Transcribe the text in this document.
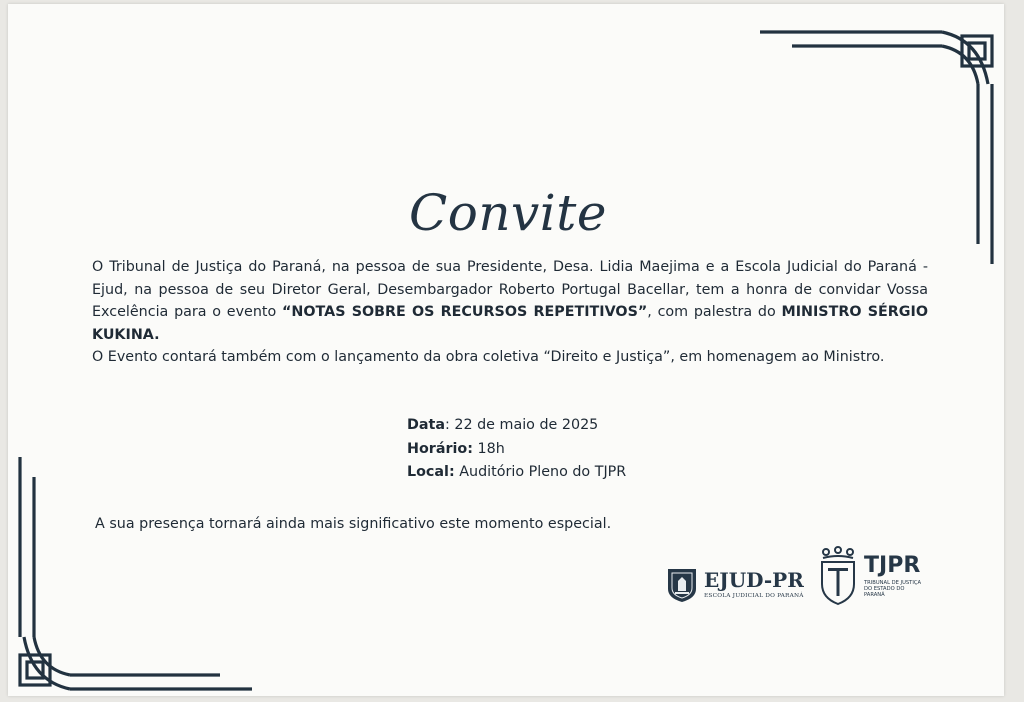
Convite

O Tribunal de Justiça do Paraná, na pessoa de sua Presidente, Desa. Lidia Maejima e a Escola Judicial do Paraná - Ejud, na pessoa de seu Diretor Geral, Desembargador Roberto Portugal Bacellar, tem a honra de convidar Vossa Excelência para o evento “NOTAS SOBRE OS RECURSOS REPETITIVOS”, com palestra do MINISTRO SÉRGIO KUKINA.

O Evento contará também com o lançamento da obra coletiva “Direito e Justiça”, em homenagem ao Ministro.

Data: 22 de maio de 2025
Horário: 18h
Local: Auditório Pleno do TJPR
A sua presença tornará ainda mais significativo este momento especial.
EJUD-PR
ESCOLA JUDICIAL DO PARANÁ
TJPR
TRIBUNAL DE JUSTIÇA
DO ESTADO DO PARANÁ
